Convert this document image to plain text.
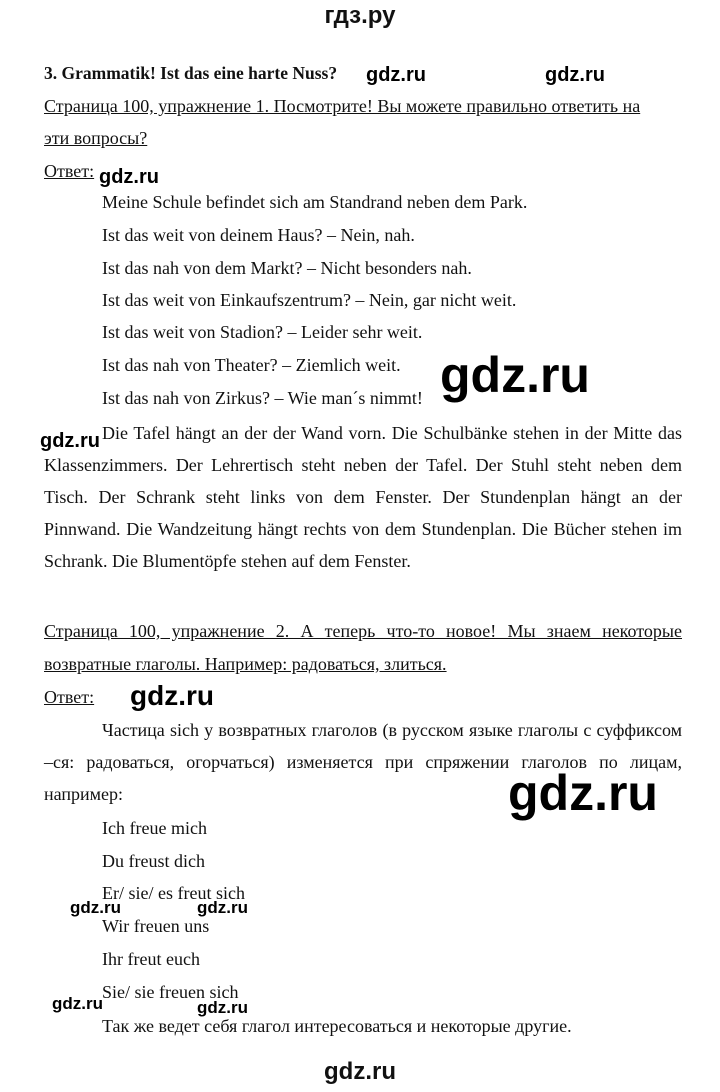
гдз.ру
3. Grammatik! Ist das eine harte Nuss?
Страница 100, упражнение 1. Посмотрите! Вы можете правильно ответить на
эти вопросы?
Ответ:
Meine Schule befindet sich am Standrand neben dem Park.
Ist das weit von deinem Haus? – Nein, nah.
Ist das nah von dem Markt? – Nicht besonders nah.
Ist das weit von Einkaufszentrum? – Nein, gar nicht weit.
Ist das weit von Stadion? – Leider sehr weit.
Ist das nah von Theater? – Ziemlich weit.
Ist das nah von Zirkus? – Wie man´s nimmt!
Die Tafel hängt an der der Wand vorn. Die Schulbänke stehen in der Mitte das Klassenzimmers. Der Lehrertisch steht neben der Tafel. Der Stuhl steht neben dem Tisch. Der Schrank steht links von dem Fenster. Der Stundenplan hängt an der Pinnwand. Die Wandzeitung hängt rechts von dem Stundenplan. Die Bücher stehen im Schrank. Die Blumentöpfe stehen auf dem Fenster.
Страница 100, упражнение 2. А теперь что-то новое! Мы знаем некоторые
возвратные глаголы. Например: радоваться, злиться.
Ответ:
Частица sich у возвратных глаголов (в русском языке глаголы с суффиксом –ся: радоваться, огорчаться) изменяется при спряжении глаголов по лицам, например:
Ich freue mich
Du freust dich
Er/ sie/ es freut sich
Wir freuen uns
Ihr freut euch
Sie/ sie freuen sich
Так же ведет себя глагол интересоваться и некоторые другие.
gdz.ru
gdz.ru	gdz.ru
gdz.ru
gdz.ru
gdz.ru
gdz.ru
gdz.ru
gdz.ru	gdz.ru
gdz.ru	gdz.ru
